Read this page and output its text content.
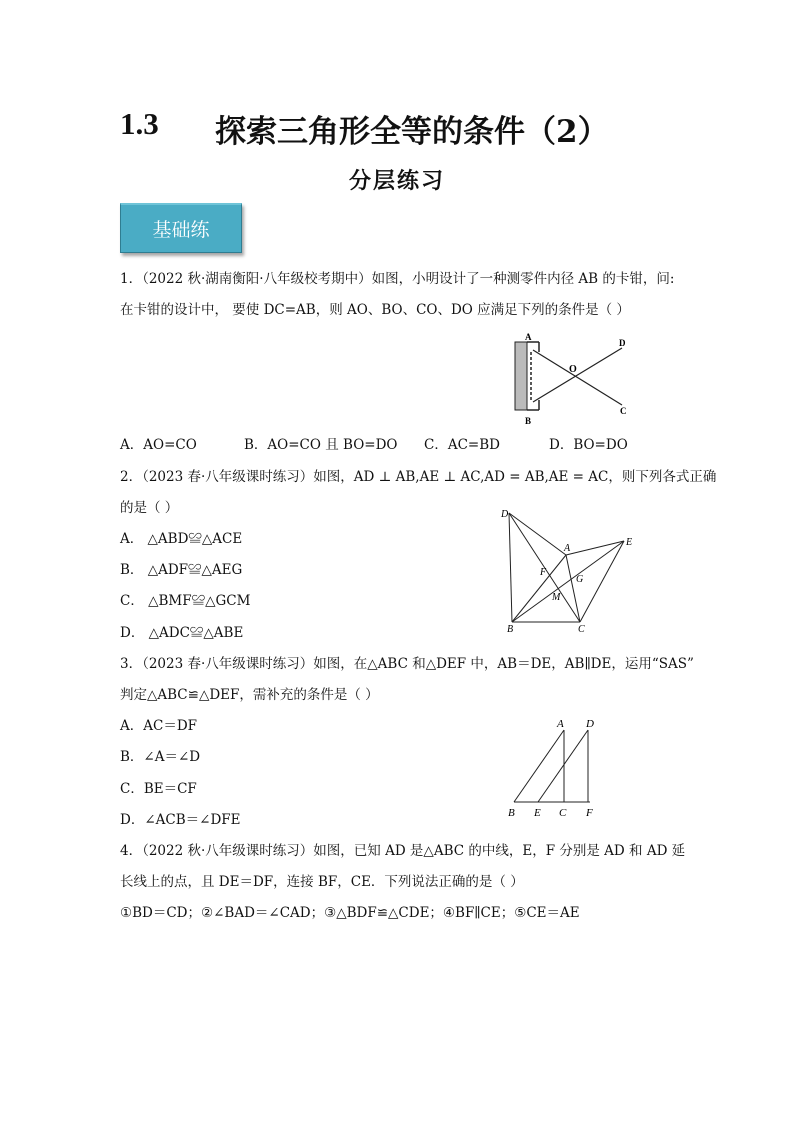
1.3 探索三角形全等的条件（2）
分层练习
基础练
1．（2022 秋·湖南衡阳·八年级校考期中）如图，小明设计了一种测零件内径 AB 的卡钳，问:
在卡钳的设计中， 要使 DC=AB，则 AO、BO、CO、DO 应满足下列的条件是（ ）
A
B
O
D
C
A．AO=CO	B．AO=CO 且 BO=DO C．AC=BD	D．BO=DO
2．（2023 春·八年级课时练习）如图，AD ⊥ AB,AE ⊥ AC,AD = AB,AE = AC，则下列各式正确
的是（ ）	D
A
E
F
G
M
B	C
A． △ABD≌△ACE
B． △ADF≌△AEG
C． △BMF≌△GCM
D． △ADC≌△ABE
3．（2023 春·八年级课时练习）如图，在△ABC 和△DEF 中，AB＝DE，AB∥DE，运用“SAS”
判定△ABC≌△DEF，需补充的条件是（ ）
A D
B E C F
A．AC＝DF
B．∠A＝∠D
C．BE＝CF
D．∠ACB＝∠DFE
4．（2022 秋·八年级课时练习）如图，已知 AD 是△ABC 的中线，E，F 分别是 AD 和 AD 延
长线上的点，且 DE＝DF，连接 BF，CE．下列说法正确的是（ ）
①BD＝CD；②∠BAD＝∠CAD；③△BDF≌△CDE；④BF∥CE；⑤CE＝AE
